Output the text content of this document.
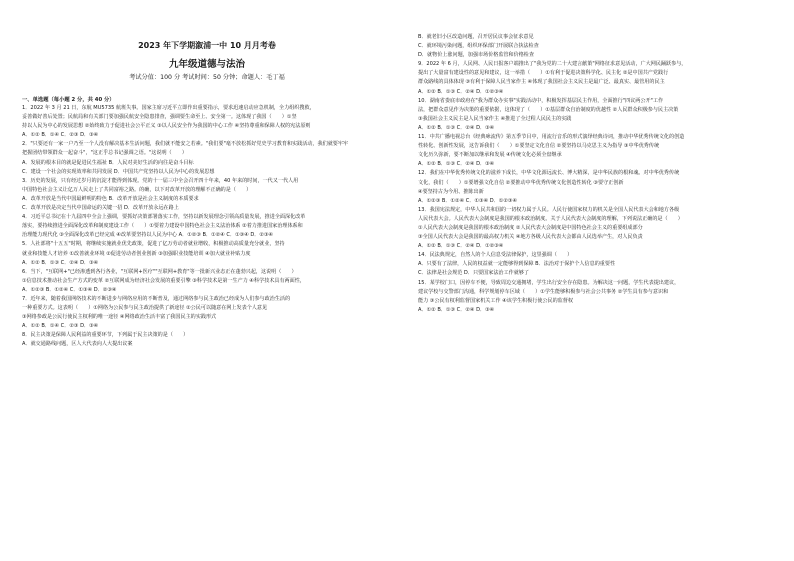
2023 年下学期溆浦一中 10 月月考卷
九年级道德与法治
考试分值：100 分 考试时间：50 分钟；命题人：毛丁福
一、单选题（每小题 2 分，共 40 分）
1．2022 年 3 月 21 日，东航 MU5735 航班失事。国家主席习近平立即作出重要指示，要求迅速启动应急机制，全力组织搜救，
妥善做好善后处置；民航局和有关部门要加强民航安全隐患排查，强调要生命至上、安全第一。这体现了我国（　　）①坚
持以人民为中心的发展思想 ②始终致力于促进社会公平正义 ③以人民安全作为我国的中心工作 ④坚持尊重和保障人权的宪法原则
A．①② B．①④ C．②③ D．③④
2．"只要还有一家一户乃至一个人没有解决基本生活问题，我们就不能安之若素。"我们要"毫不放松抓好党史学习教育和实践活动，我们就要牢牢
把握团结带领群众一起奋斗"，"这正乎总书记强调之语。"这说明（　　）
A．发展的根本目的就是促进民生福祉 B．人民对美好生活的向往是奋斗目标
C．建设一个社会的实现效率和共同发展 D．中国共产党坚持以人民为中心的发展思想
3．历史的发展，只有经过岁月的沉淀才能得到体现。党的十一届三中全会召开四十年来，40 年来的时间，一代又一代人用
中国特色社会主义让亿万人民走上了共同富裕之路。的确，以下对改革开放的理解不正确的是（　　）
A．改革开放是当代中国最鲜明的特色 B．改革开放是社会主义制度的本质要求
C．改革开放是决定当代中国命运的关键一招 D．改革开放永远在路上
4．习近平总书记在十九届四中全会上强调，要抓好决策部署落实工作，坚持以新发展理念引领高质量发展，推进全面深化改革
落实，要持续推进全面深化改革和制度建设工作（　　）①要着力建设中国特色社会主义法治体系 ②着力推进国家治理体系和
治理能力现代化 ③全面深化改革已经完成 ④改革要坚持以人民为中心 A．①②③ B．①②④ C．①③④ D．②③④
5．人社部将"十五五"时期，将继续实施就业优先政策，促进了亿万劳动者就业增收，积极推动高质量充分就业，坚持
就业和技能人才培养 ①改善就业环境 ②促进劳动者创业创新 ③加强职业技能培训 ④加大就业补贴力度
A．①② B．①③ C．②④ D．③④
6．当下，"互联网+"已经渗透到各行各业，"互联网+医疗""互联网+教育"等一批新兴业态正在蓬勃兴起，这说明（　　）
①信息技术推动社会生产方式的变革 ②互联网成为经济社会发展的重要引擎 ③科学技术是第一生产力 ④科学技术具有两面性，
A．①②③ B．①②④ C．①③④ D．②③④
7．近年来，随着我国网络技术的不断进步与网络应用的不断普及，通过网络参与民主政治已经成为人们参与政治生活的
一种重要方式。这表明（　　）①网络为公民参与民主政治提供了新途径 ②公民可以随意在网上发表个人意见
③网络参政是公民行使民主权利的唯一途径 ④网络政治生活丰富了我国民主的实践形式
A．①② B．①④ C．②③ D．③④
8．民主决策是保障人民利益的重要环节，下列属于民主决策的是（　　）
A．就交通路线问题，区人大代表向人大提出议案
B．就老旧小区改造问题，召开居民议事会征求意见
C．就环境污染问题，组织环保部门开展联合执法检查
D．就物价上涨问题，加强市场价格监管和价格检查
9．2022 年 6 月，人民网、人民日报客户端推出了"我为党的二十大建言献策"网络征求意见活动，广大网民踊跃参与，
提出了大量富有建设性的意见和建议，这一举措（　　）①有利于促进决策科学化、民主化 ②是中国共产党践行
群众路线的具体体现 ③有利于保障人民当家作主 ④体现了我国社会主义民主是最广泛、最真实、最管用的民主
A．①② B．①③ C．②④ D．①②③④
10．湖南省娄底市政府在"我为群众办实事"实践活动中，积极发挥基层民主作用，全面推行"四议两公开"工作
法，把群众意见作为决策的重要依据，这体现了（　　）①基层群众自治制度的优越性 ②人民群众积极参与民主决策
③我国社会主义民主是人民当家作主 ④推进了全过程人民民主的实践
A．①② B．①③ C．②④ D．③④
11．中共广播电视总台《经典咏流传》第五季节目中，用流行音乐的形式演绎经典诗词，推动中华优秀传统文化的创造
性转化、创新性发展，这告诉我们（　　）①要坚定文化自信 ②要坚持以马克思主义为指导 ③中华优秀传统
文化历久弥新，要不断加以继承和发展 ④传统文化必须全盘继承
A．①② B．①③ C．②④ D．③④
12．我们在中华优秀传统文化的滋养下成长，中华文化源远流长、博大精深，是中华民族的根和魂。对中华优秀传统
文化，我们（　　）①要增强文化自信 ②要推动中华优秀传统文化创造性转化 ③要守正创新
④要坚持古为今用、推陈出新
A．①②③ B．①②④ C．①③④ D．①②③④
13．我国宪法规定，中华人民共和国的一切权力属于人民。人民行使国家权力的机关是全国人民代表大会和地方各级
人民代表大会。人民代表大会制度是我国的根本政治制度。关于人民代表大会制度的理解，下列说法正确的是（　　）
①人民代表大会制度是我国的根本政治制度 ②人民代表大会制度是中国特色社会主义的重要组成部分
③全国人民代表大会是我国的最高权力机关 ④地方各级人民代表大会都由人民选举产生，对人民负责
A．①② B．①③ C．②④ D．①②③④
14．民法典规定，自然人的个人信息受法律保护，这里强调（　　）
A．只要有了法律，人民的权益就一定能够得到保障 B．法治对于保护个人信息的重要性
C．法律是社会规范 D．只要国家法治工作就够了
15．某学校门口，因停车不便，导致周边交通拥堵，学生出行安全存在隐患。为解决这一问题，学生代表提出建议，
建议学校与交警部门沟通，科学规划停车区域（　　）①学生能够积极参与社会公共事务 ②学生具有参与意识和
能力 ③公民有权利监督国家机关工作 ④该学生积极行使公民的监督权
A．①② B．①③ C．②④ D．③④
